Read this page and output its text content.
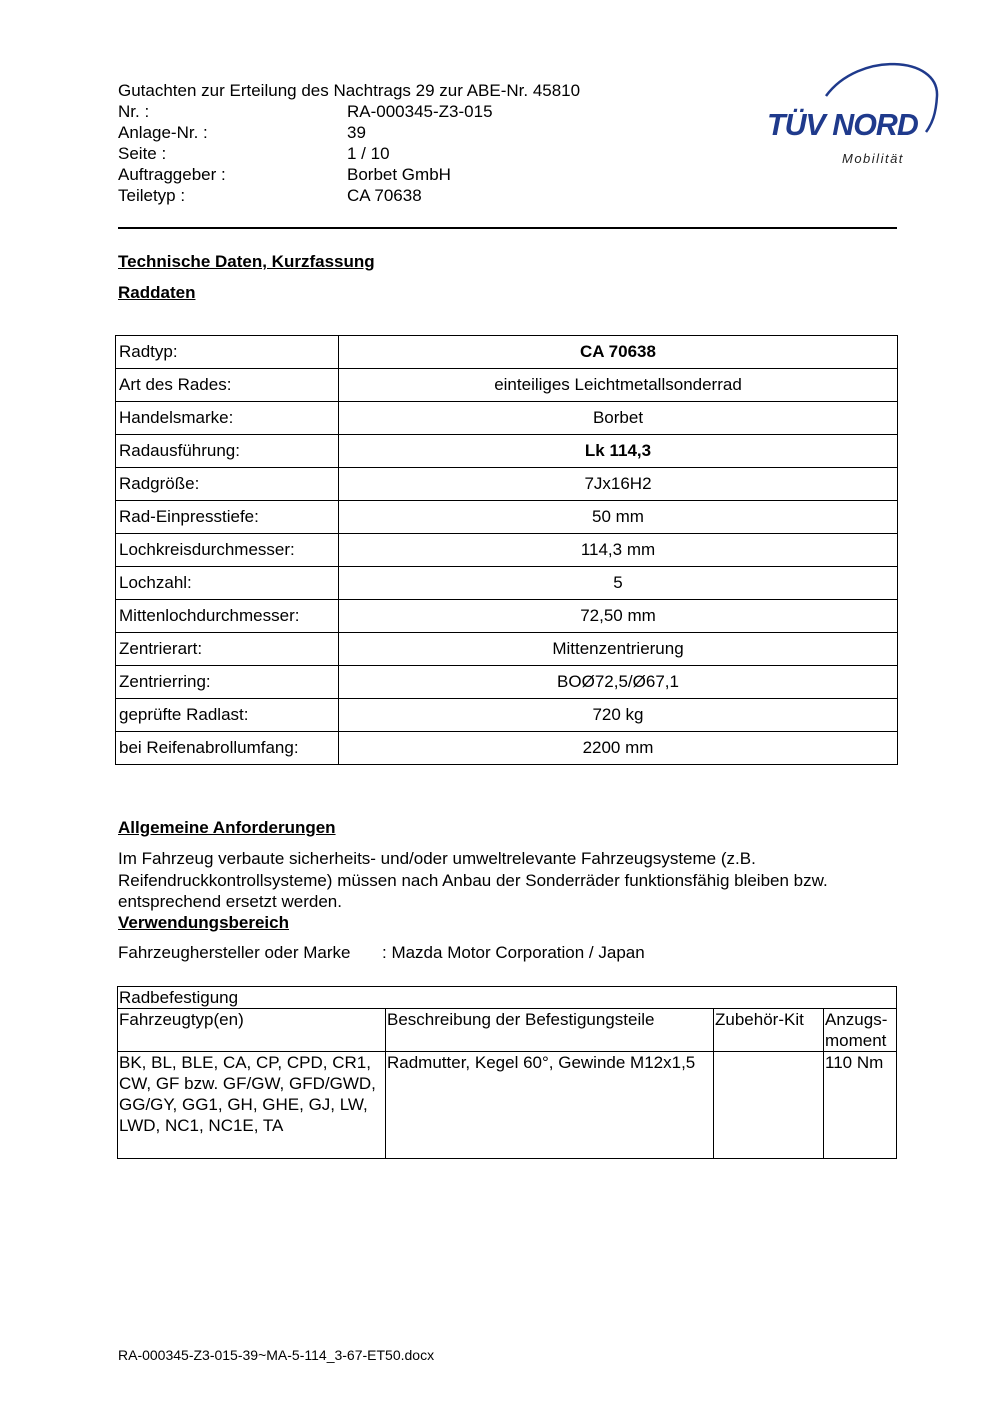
Gutachten zur Erteilung des Nachtrags 29 zur ABE-Nr. 45810
Nr. :	RA-000345-Z3-015
Anlage-Nr. :	39
Seite :	1 / 10
Auftraggeber :	Borbet GmbH
Teiletyp :	CA 70638
TÜV NORD
Mobilität
Technische Daten, Kurzfassung
Raddaten
Radtyp:	CA 70638
Art des Rades:	einteiliges Leichtmetallsonderrad
Handelsmarke:	Borbet
Radausführung:	Lk 114,3
Radgröße:	7Jx16H2
Rad-Einpresstiefe:	50 mm
Lochkreisdurchmesser:	114,3 mm
Lochzahl:	5
Mittenlochdurchmesser:	72,50 mm
Zentrierart:	Mittenzentrierung
Zentrierring:	BOØ72,5/Ø67,1
geprüfte Radlast:	720 kg
bei Reifenabrollumfang:	2200 mm
Allgemeine Anforderungen
Im Fahrzeug verbaute sicherheits- und/oder umweltrelevante Fahrzeugsysteme (z.B. Reifendruckkontrollsysteme) müssen nach Anbau der Sonderräder funktionsfähig bleiben bzw. entsprechend ersetzt werden.
Verwendungsbereich
Fahrzeughersteller oder Marke	: Mazda Motor Corporation / Japan
Radbefestigung			
Fahrzeugtyp(en)	Beschreibung der Befestigungsteile	Zubehör-Kit	Anzugs-
moment
BK, BL, BLE, CA, CP, CPD, CR1, CW, GF bzw. GF/GW, GFD/GWD, GG/GY, GG1, GH, GHE, GJ, LW, LWD, NC1, NC1E, TA	Radmutter, Kegel 60°, Gewinde M12x1,5		110 Nm
RA-000345-Z3-015-39~MA-5-114_3-67-ET50.docx
